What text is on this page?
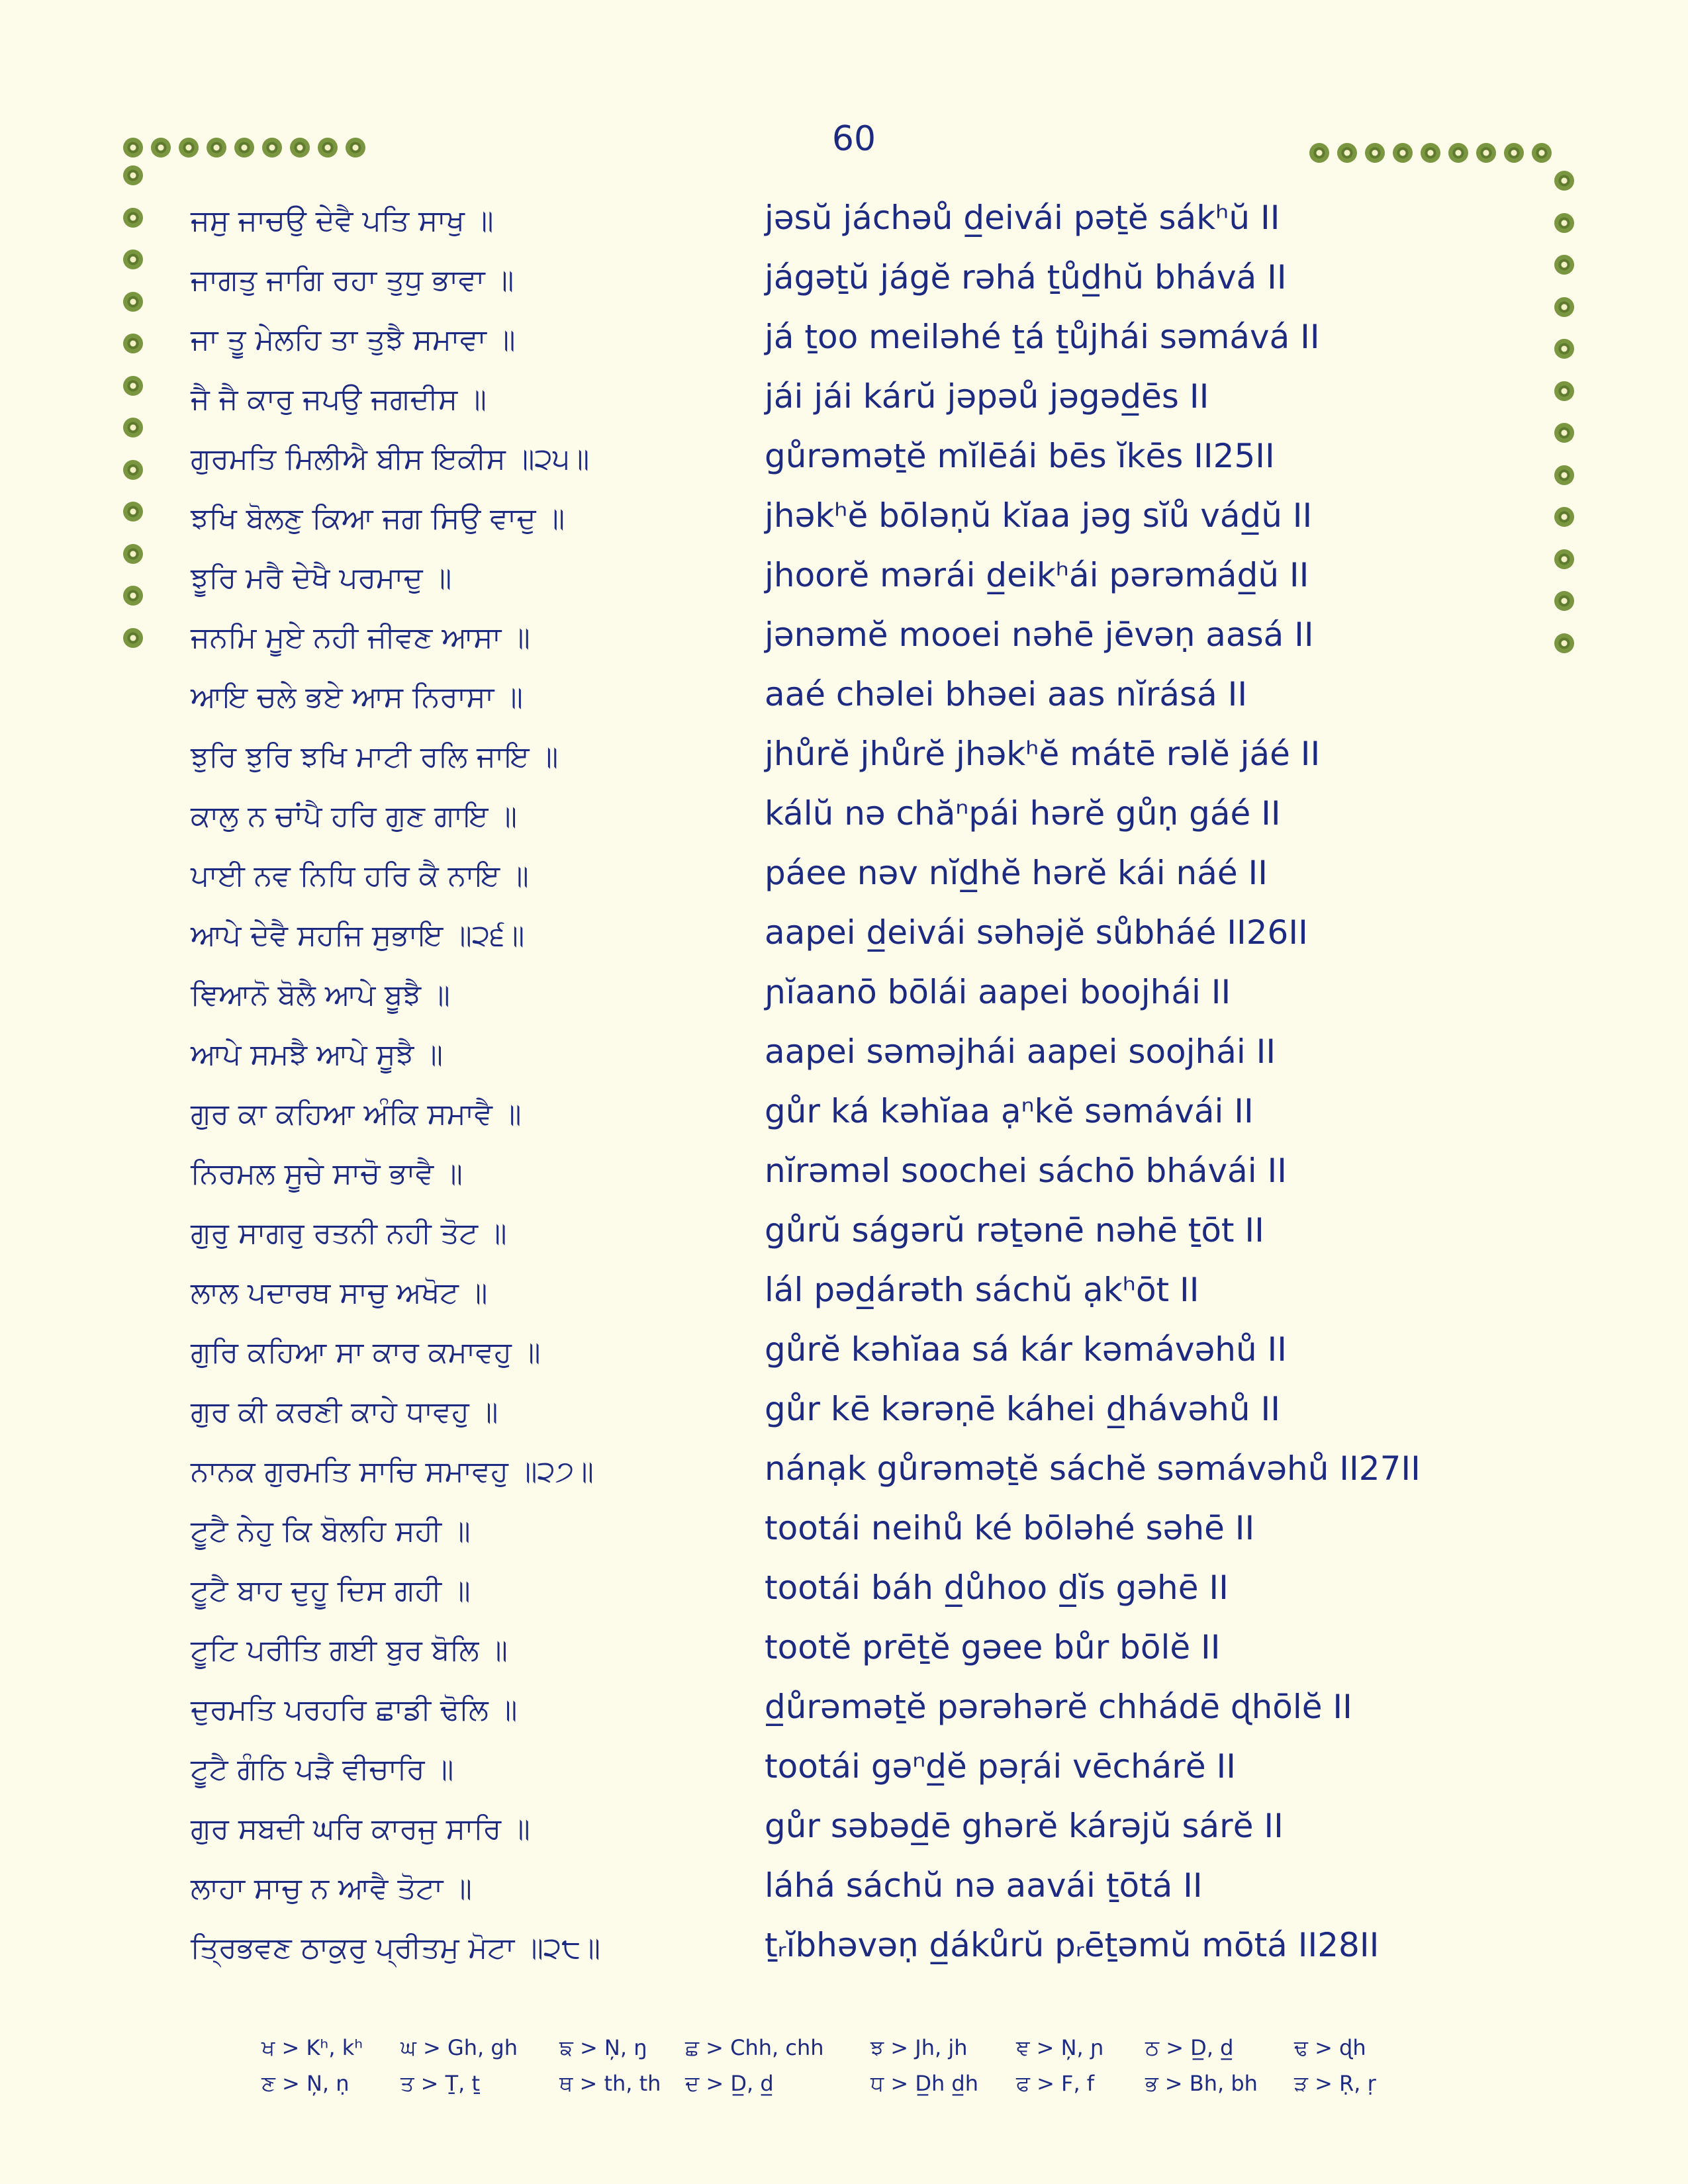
60
ਜਸੁ ਜਾਚਉ ਦੇਵੈ ਪਤਿ ਸਾਖੁ ॥	jəsŭ jáchəů d̲eivái pəṯĕ sákʰŭ II
ਜਾਗਤੁ ਜਾਗਿ ਰਹਾ ਤੁਧੁ ਭਾਵਾ ॥	jágəṯŭ jágĕ rəhá ṯůd̲hŭ bhává II
ਜਾ ਤੂ ਮੇਲਹਿ ਤਾ ਤੁਝੈ ਸਮਾਵਾ ॥	já ṯoo meiləhé ṯá ṯůjhái səmává II
ਜੈ ਜੈ ਕਾਰੁ ਜਪਉ ਜਗਦੀਸ ॥	jái jái kárŭ jəpəů jəgəd̲ēs II
ਗੁਰਮਤਿ ਮਿਲੀਐ ਬੀਸ ਇਕੀਸ ॥੨੫॥	gůrəməṯĕ mĭlēái bēs ĭkēs II25II
ਝਖਿ ਬੋਲਣੁ ਕਿਆ ਜਗ ਸਿਉ ਵਾਦੁ ॥	jhəkʰĕ bōləṇŭ kĭaa jəg sĭů vád̲ŭ II
ਝੂਰਿ ਮਰੈ ਦੇਖੈ ਪਰਮਾਦੁ ॥	jhoorĕ mərái d̲eikʰái pərəmád̲ŭ II
ਜਨਮਿ ਮੂਏ ਨਹੀ ਜੀਵਣ ਆਸਾ ॥	jənəmĕ mooei nəhē jēvəṇ aasá II
ਆਇ ਚਲੇ ਭਏ ਆਸ ਨਿਰਾਸਾ ॥	aaé chəlei bhəei aas nĭrásá II
ਝੁਰਿ ਝੁਰਿ ਝਖਿ ਮਾਟੀ ਰਲਿ ਜਾਇ ॥	jhůrĕ jhůrĕ jhəkʰĕ mátē rəlĕ jáé II
ਕਾਲੁ ਨ ਚਾਂਪੈ ਹਰਿ ਗੁਣ ਗਾਇ ॥	kálŭ nə chăⁿpái hərĕ gůṇ gáé II
ਪਾਈ ਨਵ ਨਿਧਿ ਹਰਿ ਕੈ ਨਾਇ ॥	páee nəv nĭd̲hĕ hərĕ kái náé II
ਆਪੇ ਦੇਵੈ ਸਹਜਿ ਸੁਭਾਇ ॥੨੬॥	aapei d̲eivái səhəjĕ sůbháé II26II
ਞਿਆਨੋ ਬੋਲੈ ਆਪੇ ਬੂਝੈ ॥	ɲĭaanō bōlái aapei boojhái II
ਆਪੇ ਸਮਝੈ ਆਪੇ ਸੂਝੈ ॥	aapei səməjhái aapei soojhái II
ਗੁਰ ਕਾ ਕਹਿਆ ਅੰਕਿ ਸਮਾਵੈ ॥	gůr ká kəhĭaa ạⁿkĕ səmávái II
ਨਿਰਮਲ ਸੂਚੇ ਸਾਚੋ ਭਾਵੈ ॥	nĭrəməl soochei sáchō bhávái II
ਗੁਰੁ ਸਾਗਰੁ ਰਤਨੀ ਨਹੀ ਤੋਟ ॥	gůrŭ ságərŭ rəṯənē nəhē ṯōt II
ਲਾਲ ਪਦਾਰਥ ਸਾਚੁ ਅਖੋਟ ॥	lál pəd̲árəth sáchŭ ạkʰōt II
ਗੁਰਿ ਕਹਿਆ ਸਾ ਕਾਰ ਕਮਾਵਹੁ ॥	gůrĕ kəhĭaa sá kár kəmávəhů II
ਗੁਰ ਕੀ ਕਰਣੀ ਕਾਹੇ ਧਾਵਹੁ ॥	gůr kē kərəṇē káhei d̲hávəhů II
ਨਾਨਕ ਗੁਰਮਤਿ ਸਾਚਿ ਸਮਾਵਹੁ ॥੨੭॥	nánạk gůrəməṯĕ sáchĕ səmávəhů II27II
ਟੂਟੈ ਨੇਹੁ ਕਿ ਬੋਲਹਿ ਸਹੀ ॥	tootái neihů ké bōləhé səhē II
ਟੂਟੈ ਬਾਹ ਦੁਹੂ ਦਿਸ ਗਹੀ ॥	tootái báh d̲ůhoo d̲ĭs gəhē II
ਟੂਟਿ ਪਰੀਤਿ ਗਈ ਬੁਰ ਬੋਲਿ ॥	tootĕ prēṯĕ gəee bůr bōlĕ II
ਦੁਰਮਤਿ ਪਰਹਰਿ ਛਾਡੀ ਢੋਲਿ ॥	d̲ůrəməṯĕ pərəhərĕ chhádē ɖhōlĕ II
ਟੂਟੈ ਗੰਠਿ ਪੜੈ ਵੀਚਾਰਿ ॥	tootái gəⁿd̲ĕ pəṛái vēchárĕ II
ਗੁਰ ਸਬਦੀ ਘਰਿ ਕਾਰਜੁ ਸਾਰਿ ॥	gůr səbəd̲ē ghərĕ kárəjŭ sárĕ II
ਲਾਹਾ ਸਾਚੁ ਨ ਆਵੈ ਤੋਟਾ ॥	láhá sáchŭ nə aavái ṯōtá II
ਤ੍ਰਿਭਵਣ ਠਾਕੁਰੁ ਪ੍ਰੀਤਮੁ ਮੋਟਾ ॥੨੮॥	ṯᵣĭbhəvəṇ d̲ákůrŭ pᵣēṯəmŭ mōtá II28II
ਖ > Kʰ, kʰ ਘ > Gh, gh ਙ > N̦, ŋ ਛ > Chh, chh ਝ > Jh, jh ਞ > N̦, ɲ ਠ > D̲, d̲	ਢ > ɖh
ਣ > N̦, ṇ ਤ > Ṯ, ṯ	ਥ > th, th ਦ > D̲, d̲	ਧ > D̲h d̲h ਫ > F, f ਭ > Bh, bh ੜ > Ṛ, ṛ
